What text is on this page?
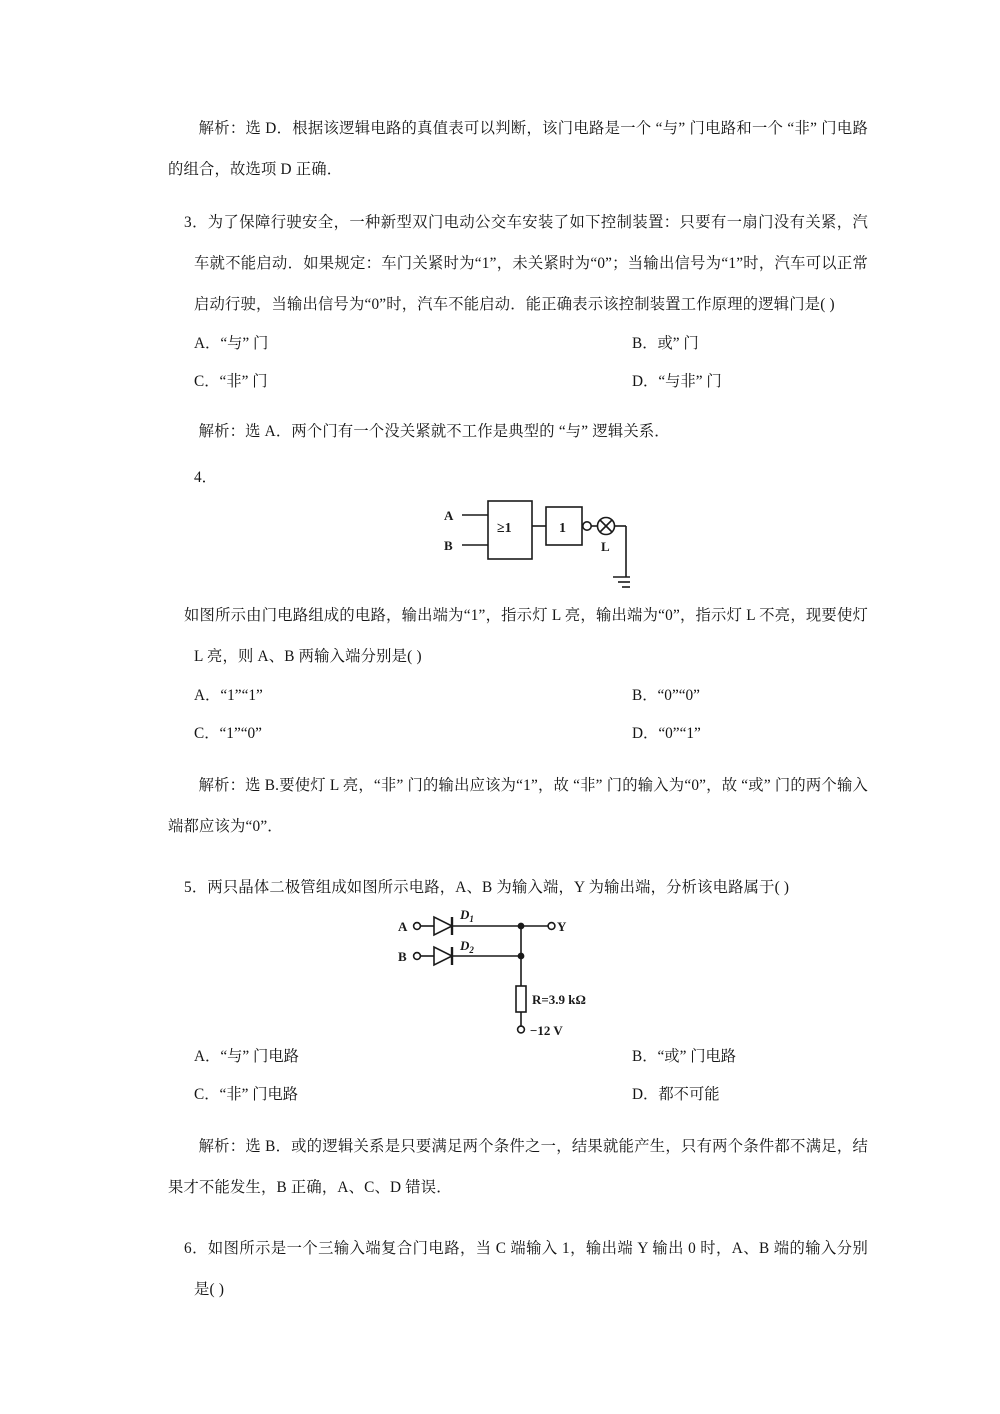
解析：选 D．根据该逻辑电路的真值表可以判断，该门电路是一个 “与” 门电路和一个 “非” 门电路的组合，故选项 D 正确．

3．为了保障行驶安全，一种新型双门电动公交车安装了如下控制装置：只要有一扇门没有关紧，汽车就不能启动．如果规定：车门关紧时为“1”，未关紧时为“0”；当输出信号为“1”时，汽车可以正常启动行驶，当输出信号为“0”时，汽车不能启动．能正确表示该控制装置工作原理的逻辑门是( )

A．“与” 门	B．或” 门
C．“非” 门	D．“与非” 门

解析：选 A．两个门有一个没关紧就不工作是典型的 “与” 逻辑关系．

4．
A
B
≥1	1
L

如图所示由门电路组成的电路，输出端为“1”，指示灯 L 亮，输出端为“0”，指示灯 L 不亮，现要使灯 L 亮，则 A、B 两输入端分别是( )

A．“1”“1”	B．“0”“0”
C．“1”“0”	D．“0”“1”

解析：选 B.要使灯 L 亮，“非” 门的输出应该为“1”，故 “非” 门的输入为“0”，故 “或” 门的两个输入端都应该为“0”．

5．两只晶体二极管组成如图所示电路，A、B 为输入端，Y 为输出端，分析该电路属于( )

A
B
$D_1$
$D_2$
Y
R=3.9 kΩ
−12 V
A．“与” 门电路	B．“或” 门电路
C．“非” 门电路	D．都不可能

解析：选 B．或的逻辑关系是只要满足两个条件之一，结果就能产生，只有两个条件都不满足，结果才不能发生，B 正确，A、C、D 错误．

6．如图所示是一个三输入端复合门电路，当 C 端输入 1，输出端 Y 输出 0 时，A、B 端的输入分别是( )
